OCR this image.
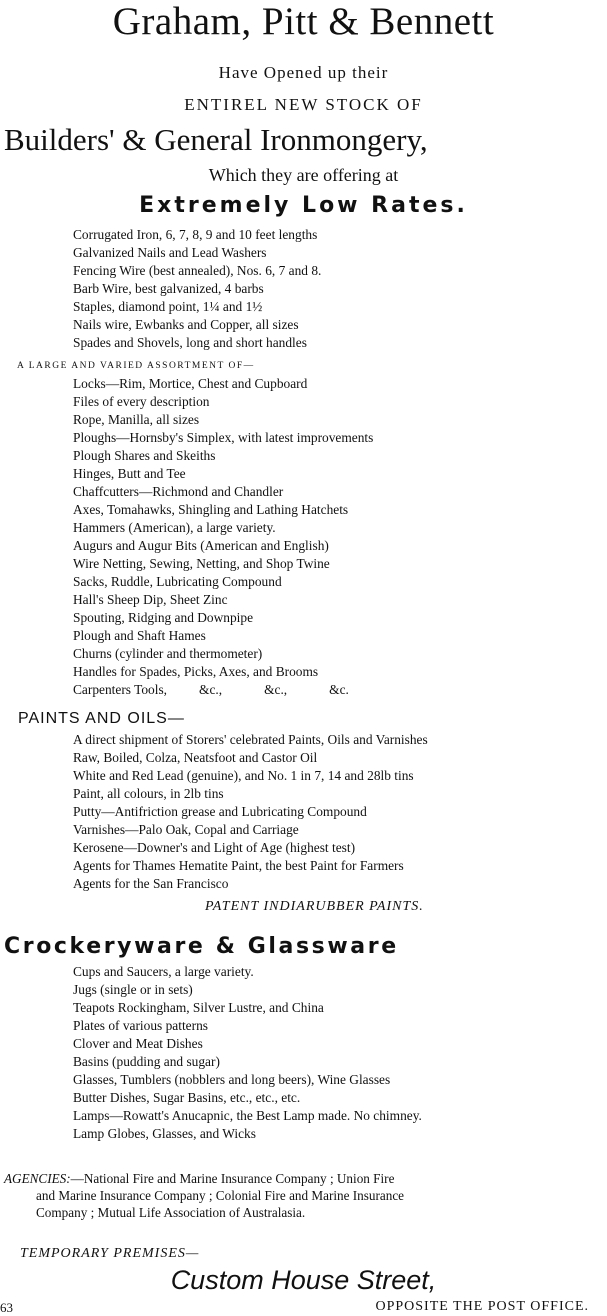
Graham, Pitt & Bennett
Have Opened up their
ENTIREL NEW STOCK OF
Builders' & General Ironmongery,
Which they are offering at
Extremely Low Rates.
Corrugated Iron, 6, 7, 8, 9 and 10 feet lengths
Galvanized Nails and Lead Washers
Fencing Wire (best annealed), Nos. 6, 7 and 8.
Barb Wire, best galvanized, 4 barbs
Staples, diamond point, 1¼ and 1½
Nails wire, Ewbanks and Copper, all sizes
Spades and Shovels, long and short handles
A LARGE AND VARIED ASSORTMENT OF—
Locks—Rim, Mortice, Chest and Cupboard
Files of every description
Rope, Manilla, all sizes
Ploughs—Hornsby's Simplex, with latest improvements
Plough Shares and Skeiths
Hinges, Butt and Tee
Chaffcutters—Richmond and Chandler
Axes, Tomahawks, Shingling and Lathing Hatchets
Hammers (American), a large variety.
Augurs and Augur Bits (American and English)
Wire Netting, Sewing, Netting, and Shop Twine
Sacks, Ruddle, Lubricating Compound
Hall's Sheep Dip, Sheet Zinc
Spouting, Ridging and Downpipe
Plough and Shaft Hames
Churns (cylinder and thermometer)
Handles for Spades, Picks, Axes, and Brooms
Carpenters Tools, &c.,	&c.,	&c.
PAINTS AND OILS—
A direct shipment of Storers' celebrated Paints, Oils and Varnishes
Raw, Boiled, Colza, Neatsfoot and Castor Oil
White and Red Lead (genuine), and No. 1 in 7, 14 and 28lb tins
Paint, all colours, in 2lb tins
Putty—Antifriction grease and Lubricating Compound
Varnishes—Palo Oak, Copal and Carriage
Kerosene—Downer's and Light of Age (highest test)
Agents for Thames Hematite Paint, the best Paint for Farmers
Agents for the San Francisco
PATENT INDIARUBBER PAINTS.
Crockeryware & Glassware
Cups and Saucers, a large variety.
Jugs (single or in sets)
Teapots Rockingham, Silver Lustre, and China
Plates of various patterns
Clover and Meat Dishes
Basins (pudding and sugar)
Glasses, Tumblers (nobblers and long beers), Wine Glasses
Butter Dishes, Sugar Basins, etc., etc., etc.
Lamps—Rowatt's Anucapnic, the Best Lamp made. No chimney.
Lamp Globes, Glasses, and Wicks
AGENCIES:—National Fire and Marine Insurance Company ; Union Fire
and Marine Insurance Company ; Colonial Fire and Marine Insurance
Company ; Mutual Life Association of Australasia.
TEMPORARY PREMISES—
Custom House Street,
63	OPPOSITE THE POST OFFICE.
